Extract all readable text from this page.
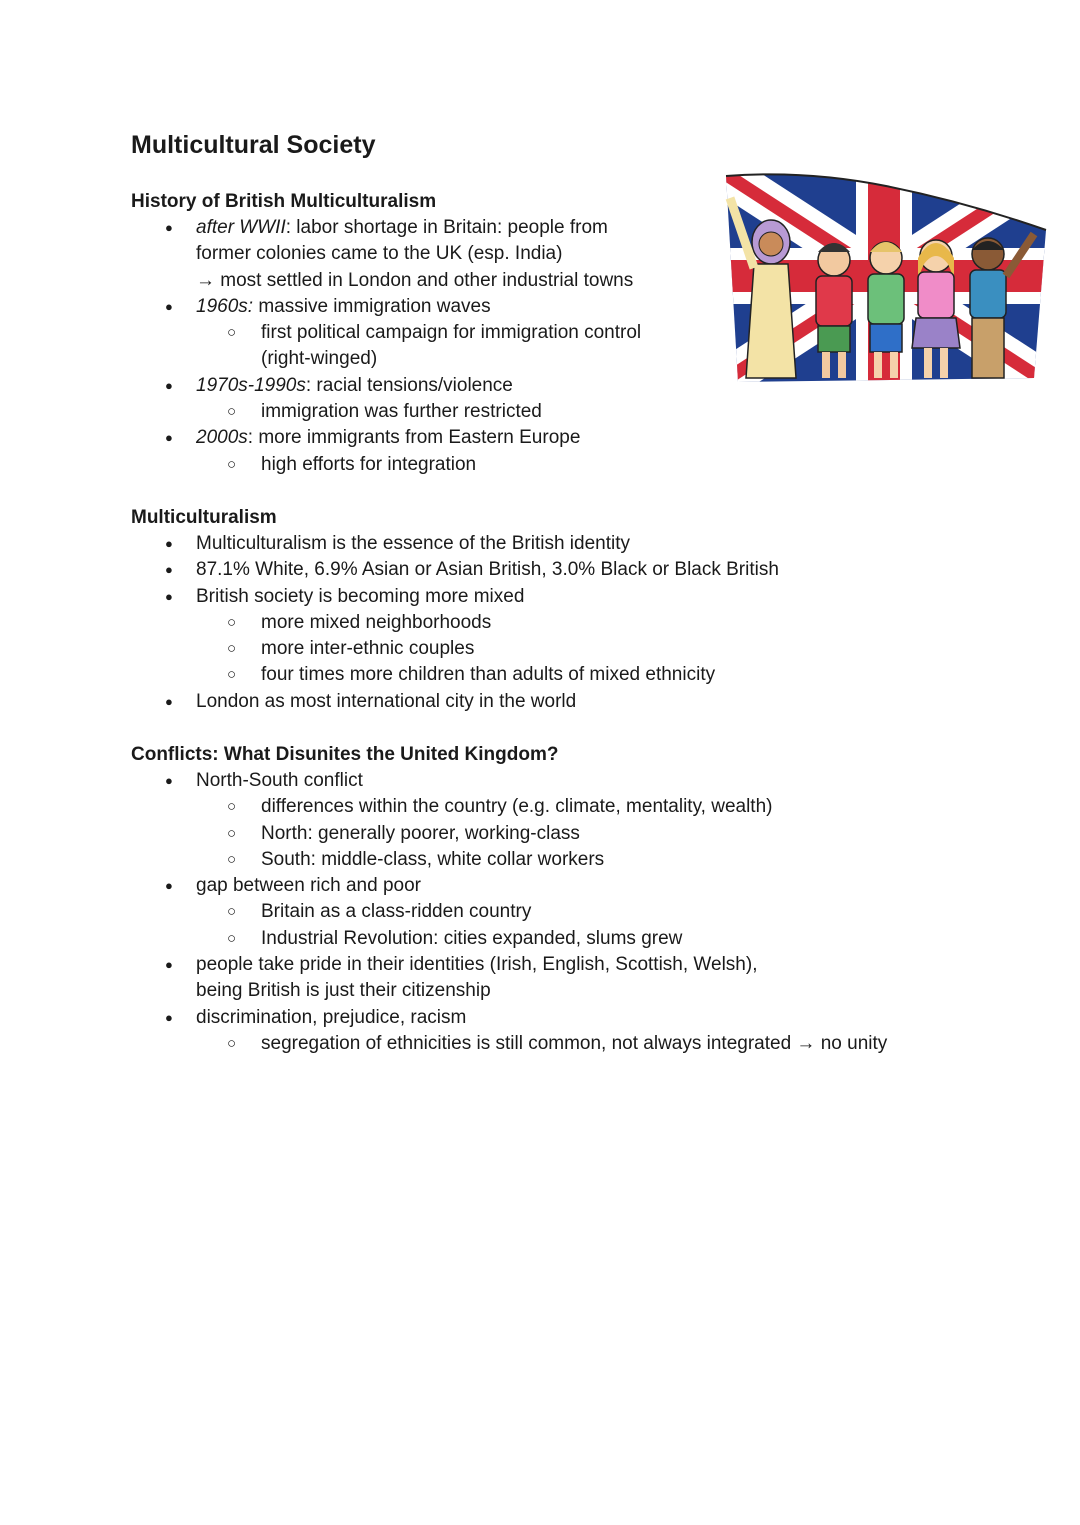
Multicultural Society
History of British Multiculturalism
● after WWII: labor shortage in Britain: people from
former colonies came to the UK (esp. India)
→ most settled in London and other industrial towns
● 1960s: massive immigration waves
○ first political campaign for immigration control
(right-winged)
● 1970s-1990s: racial tensions/violence
○ immigration was further restricted
● 2000s: more immigrants from Eastern Europe
○ high efforts for integration
Multiculturalism
● Multiculturalism is the essence of the British identity
● 87.1% White, 6.9% Asian or Asian British, 3.0% Black or Black British
● British society is becoming more mixed
○ more mixed neighborhoods
○ more inter-ethnic couples
○ four times more children than adults of mixed ethnicity
● London as most international city in the world
Conflicts: What Disunites the United Kingdom?
● North-South conflict
○ differences within the country (e.g. climate, mentality, wealth)
○ North: generally poorer, working-class
○ South: middle-class, white collar workers
● gap between rich and poor
○ Britain as a class-ridden country
○ Industrial Revolution: cities expanded, slums grew
● people take pride in their identities (Irish, English, Scottish, Welsh),
being British is just their citizenship
● discrimination, prejudice, racism
○ segregation of ethnicities is still common, not always integrated → no unity
